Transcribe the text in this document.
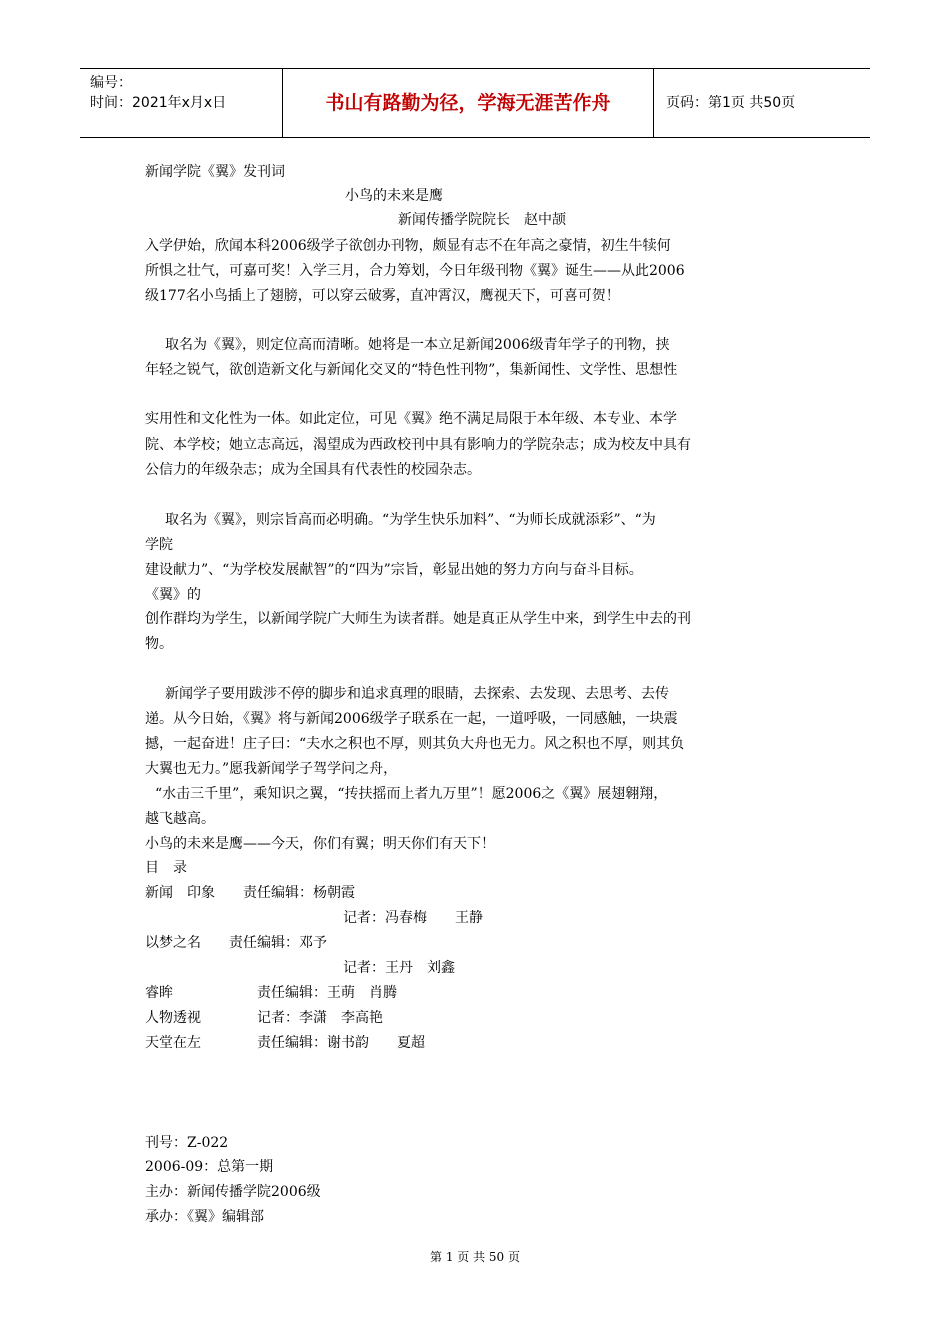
编号：
时间：2021年x月x日	书山有路勤为径，学海无涯苦作舟	页码：第1页 共50页
新闻学院《翼》发刊词
小鸟的未来是鹰
新闻传播学院院长　赵中颉
入学伊始，欣闻本科2006级学子欲创办刊物，颇显有志不在年高之豪情，初生牛犊何
所惧之壮气，可嘉可奖！入学三月，合力筹划，今日年级刊物《翼》诞生——从此2006
级177名小鸟插上了翅膀，可以穿云破雾，直冲霄汉，鹰视天下，可喜可贺！
取名为《翼》，则定位高而清晰。她将是一本立足新闻2006级青年学子的刊物，挟
年轻之锐气，欲创造新文化与新闻化交叉的“特色性刊物”，集新闻性、文学性、思想性
实用性和文化性为一体。如此定位，可见《翼》绝不满足局限于本年级、本专业、本学
院、本学校；她立志高远，渴望成为西政校刊中具有影响力的学院杂志；成为校友中具有
公信力的年级杂志；成为全国具有代表性的校园杂志。
取名为《翼》，则宗旨高而必明确。“为学生快乐加料”、“为师长成就添彩”、“为
学院
建设献力”、“为学校发展献智”的“四为”宗旨，彰显出她的努力方向与奋斗目标。
《翼》的
创作群均为学生，以新闻学院广大师生为读者群。她是真正从学生中来，到学生中去的刊
物。
新闻学子要用跋涉不停的脚步和追求真理的眼睛，去探索、去发现、去思考、去传
递。从今日始，《翼》将与新闻2006级学子联系在一起，一道呼吸，一同感触，一块震
撼，一起奋进！庄子曰：“夫水之积也不厚，则其负大舟也无力。风之积也不厚，则其负
大翼也无力。”愿我新闻学子驾学问之舟，
“水击三千里”，乘知识之翼，“抟扶摇而上者九万里”！愿2006之《翼》展翅翱翔，
越飞越高。
小鸟的未来是鹰——今天，你们有翼；明天你们有天下！
目　录
新闻　印象　　责任编辑：杨朝霞
记者：冯春梅　　王静
以梦之名　　责任编辑：邓予
记者：王丹　刘鑫
睿眸　　　　　　责任编辑：王萌　肖腾
人物透视　　　　记者：李潇　李高艳
天堂在左　　　　责任编辑：谢书韵　　夏超
刊号：Z-022
2006-09：总第一期
主办：新闻传播学院2006级
承办：《翼》编辑部
第 1 页 共 50 页
